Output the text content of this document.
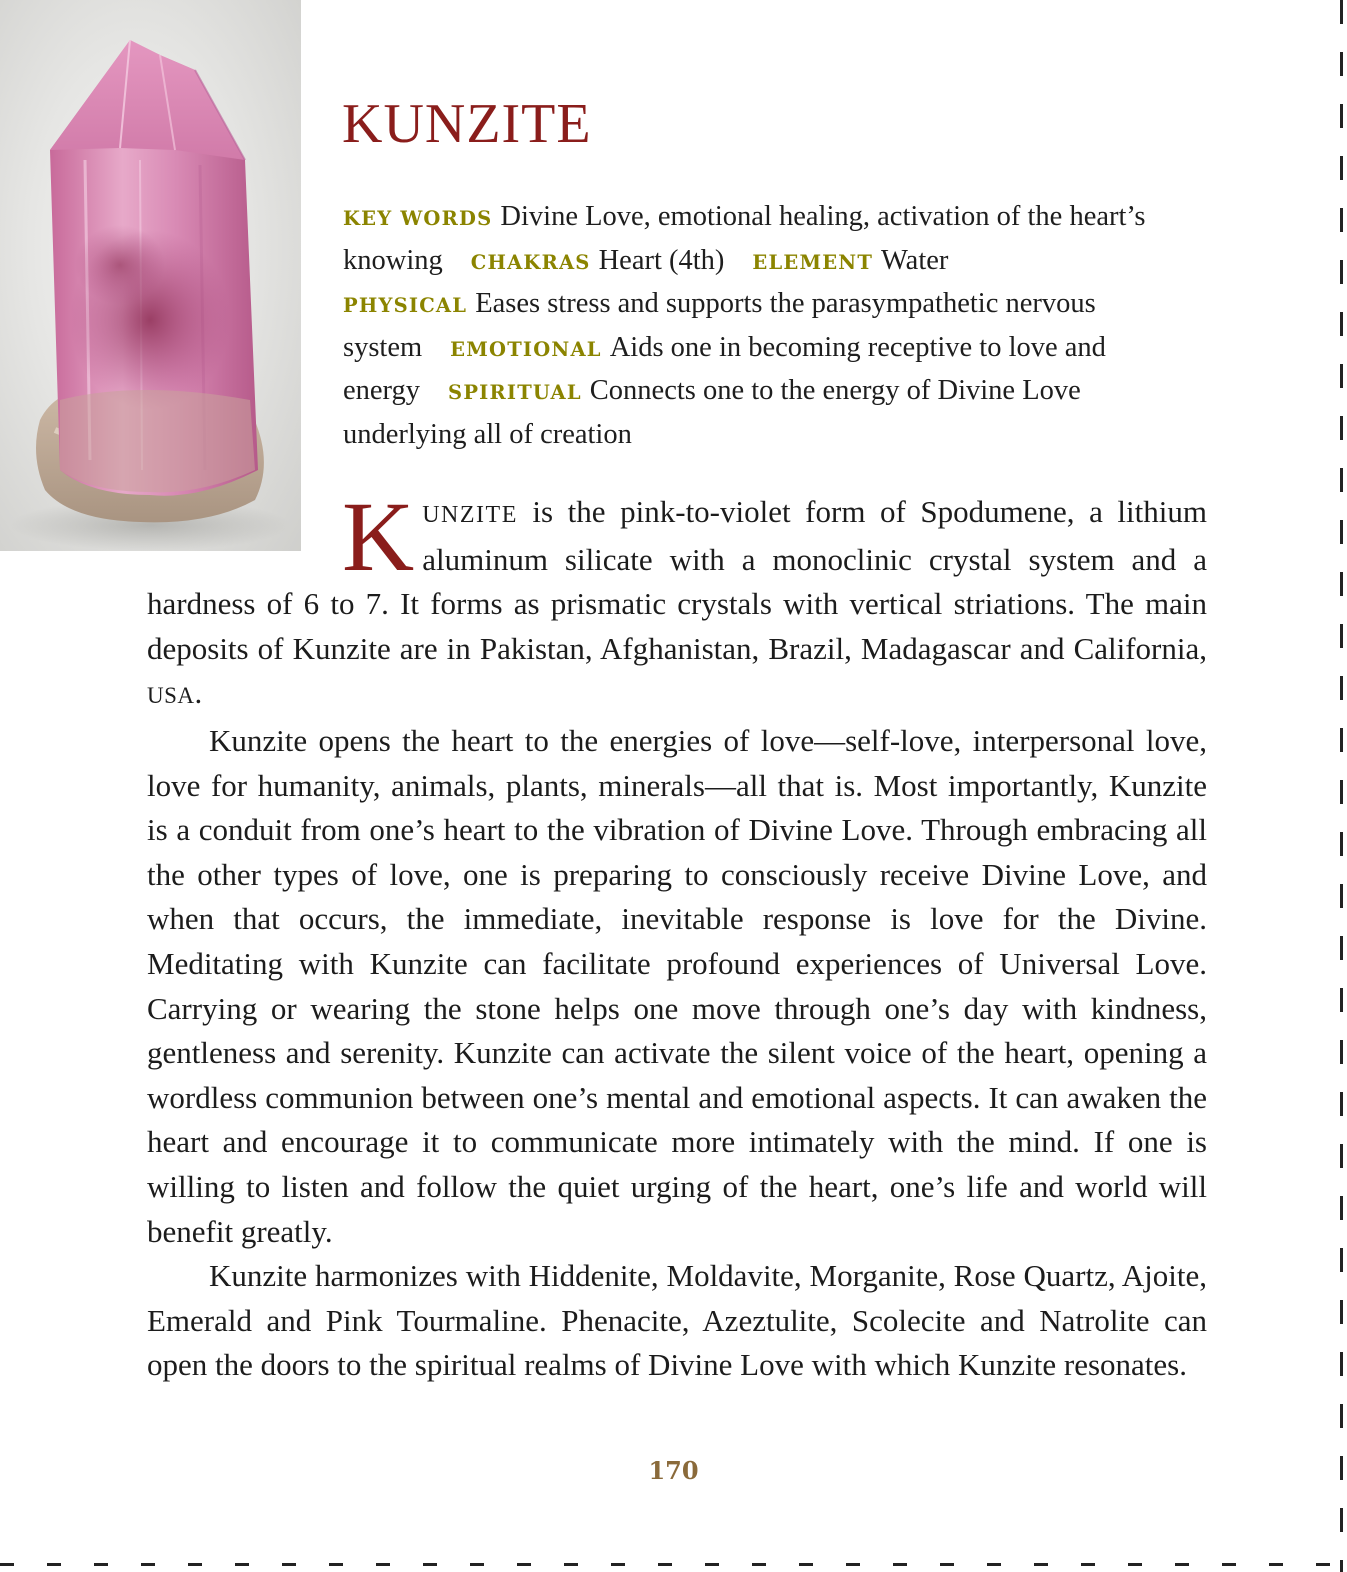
KUNZITE
KEY WORDS Divine Love, emotional healing, activation of the heart’s knowing CHAKRAS Heart (4th) ELEMENT Water
PHYSICAL Eases stress and supports the parasympathetic nervous system EMOTIONAL Aids one in becoming receptive to love and energy SPIRITUAL Connects one to the energy of Divine Love underlying all of creation

KUNZITE is the pink-to-violet form of Spodumene, a lithium aluminum silicate with a monoclinic crystal system and a hardness of 6 to 7. It forms as prismatic crystals with vertical striations. The main deposits of Kunzite are in Pakistan, Afghanistan, Brazil, Madagascar and California, USA.

Kunzite opens the heart to the energies of love—self-love, interpersonal love, love for humanity, animals, plants, minerals—all that is. Most importantly, Kunzite is a conduit from one’s heart to the vibration of Divine Love. Through embracing all the other types of love, one is preparing to consciously receive Divine Love, and when that occurs, the immediate, inevitable response is love for the Divine. Meditating with Kunzite can facilitate profound experiences of Universal Love. Carrying or wearing the stone helps one move through one’s day with kindness, gentleness and serenity. Kunzite can activate the silent voice of the heart, opening a wordless communion between one’s mental and emotional aspects. It can awaken the heart and encourage it to communicate more intimately with the mind. If one is willing to listen and follow the quiet urging of the heart, one’s life and world will benefit greatly.

Kunzite harmonizes with Hiddenite, Moldavite, Morganite, Rose Quartz, Ajoite, Emerald and Pink Tourmaline. Phenacite, Azeztulite, Scolecite and Natrolite can open the doors to the spiritual realms of Divine Love with which Kunzite resonates.

170
